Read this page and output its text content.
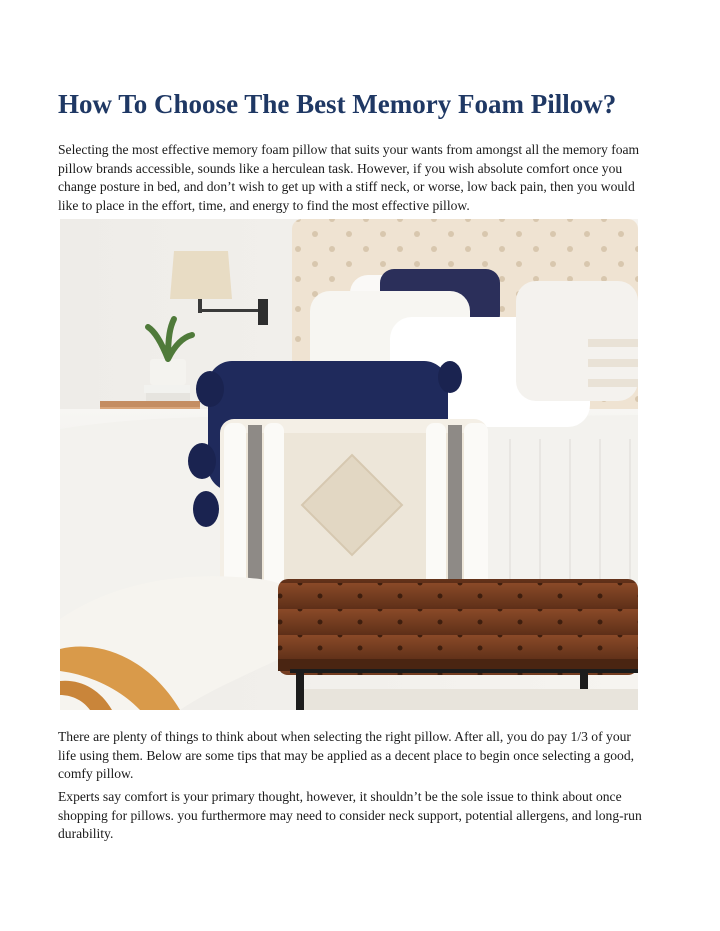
How To Choose The Best Memory Foam Pillow?

Selecting the most effective memory foam pillow that suits your wants from amongst all the memory foam pillow brands accessible, sounds like a herculean task. However, if you wish absolute comfort once you change posture in bed, and don’t wish to get up with a stiff neck, or worse, low back pain, then you would like to place in the effort, time, and energy to find the most effective pillow.

There are plenty of things to think about when selecting the right pillow. After all, you do pay 1/3 of your life using them. Below are some tips that may be applied as a decent place to begin once selecting a good, comfy pillow.

Experts say comfort is your primary thought, however, it shouldn’t be the sole issue to think about once shopping for pillows. you furthermore may need to consider neck support, potential allergens, and long-run durability.
